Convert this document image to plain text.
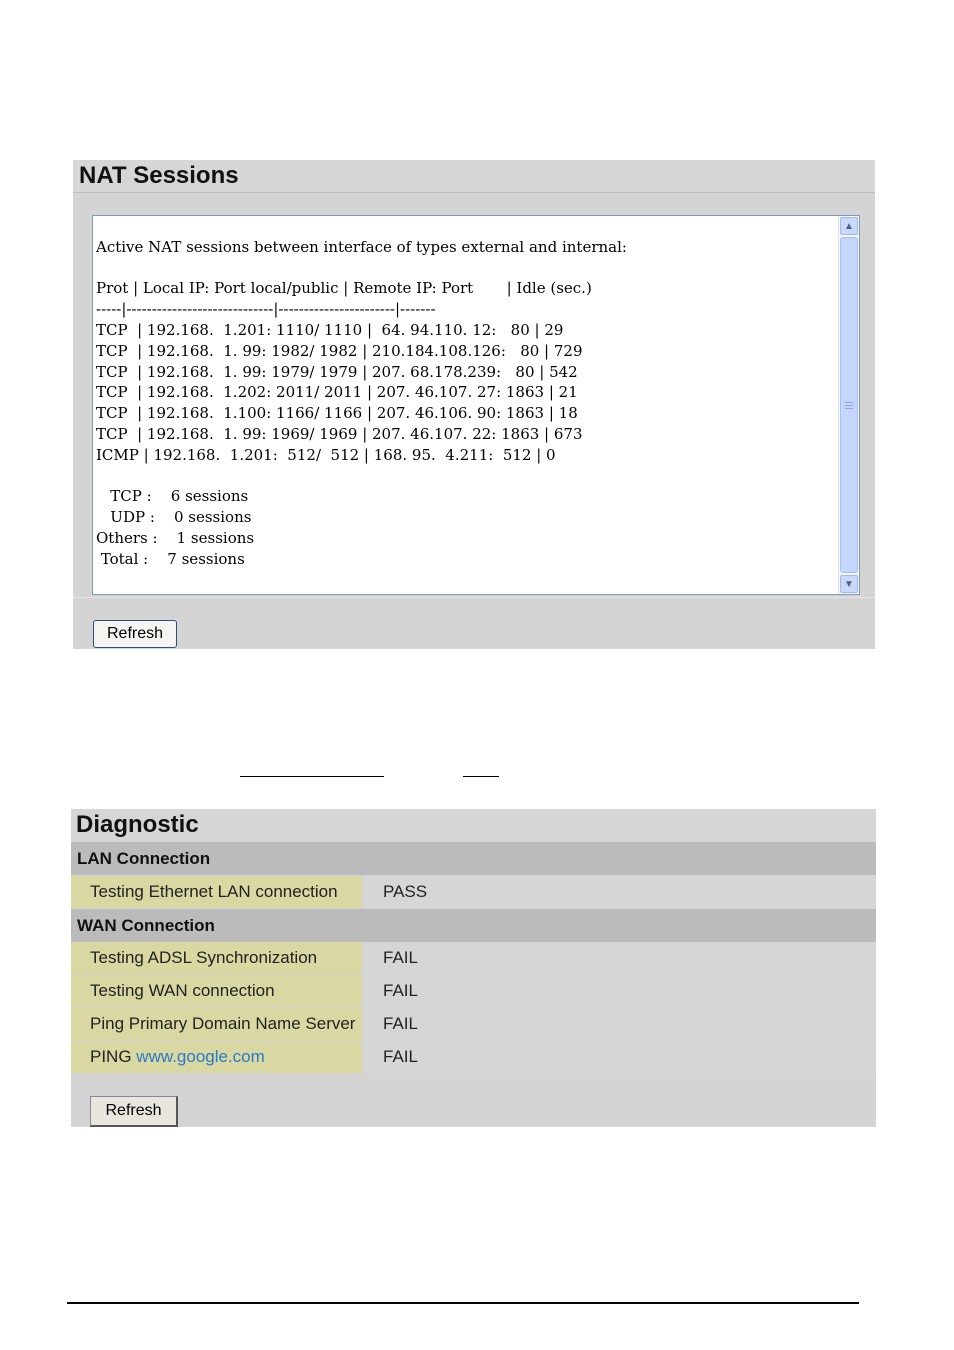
NAT Sessions
Active NAT sessions between interface of types external and internal:
Prot | Local IP: Port local/public | Remote IP: Port       | Idle (sec.)
-----|-----------------------------|-----------------------|-------
TCP  | 192.168.  1.201: 1110/ 1110 |  64. 94.110. 12:   80 | 29
TCP  | 192.168.  1. 99: 1982/ 1982 | 210.184.108.126:   80 | 729
TCP  | 192.168.  1. 99: 1979/ 1979 | 207. 68.178.239:   80 | 542
TCP  | 192.168.  1.202: 2011/ 2011 | 207. 46.107. 27: 1863 | 21
TCP  | 192.168.  1.100: 1166/ 1166 | 207. 46.106. 90: 1863 | 18
TCP  | 192.168.  1. 99: 1969/ 1969 | 207. 46.107. 22: 1863 | 673
ICMP | 192.168.  1.201:  512/  512 | 168. 95.  4.211:  512 | 0
TCP :    6 sessions
UDP :    0 sessions
Others :    1 sessions
Total :    7 sessions
▲
▼
Refresh
Diagnostic
LAN Connection
Testing Ethernet LAN connection	PASS
WAN Connection
Testing ADSL Synchronization	FAIL
Testing WAN connection	FAIL
Ping Primary Domain Name Server	FAIL
PING www.google.com	FAIL
Refresh
